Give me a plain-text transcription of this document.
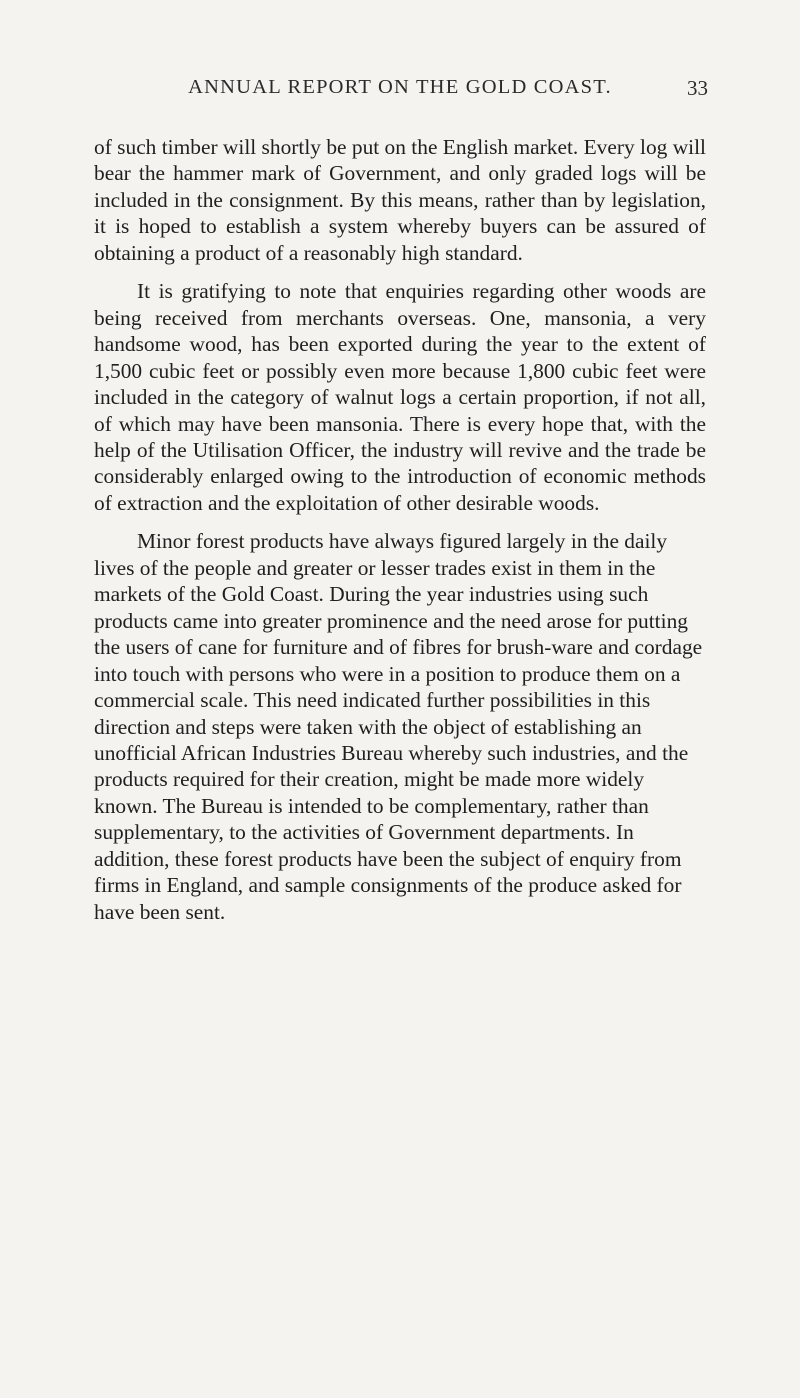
ANNUAL REPORT ON THE GOLD COAST.	33

of such timber will shortly be put on the English market. Every log will bear the hammer mark of Government, and only graded logs will be included in the consignment. By this means, rather than by legislation, it is hoped to establish a system whereby buyers can be assured of obtaining a product of a reasonably high standard.

It is gratifying to note that enquiries regarding other woods are being received from merchants overseas. One, mansonia, a very handsome wood, has been exported during the year to the extent of 1,500 cubic feet or possibly even more because 1,800 cubic feet were included in the category of walnut logs a certain proportion, if not all, of which may have been mansonia. There is every hope that, with the help of the Utilisation Officer, the industry will revive and the trade be considerably enlarged owing to the introduction of economic methods of extraction and the exploitation of other desirable woods.

Minor forest products have always figured largely in the daily lives of the people and greater or lesser trades exist in them in the markets of the Gold Coast. During the year industries using such products came into greater prominence and the need arose for putting the users of cane for furniture and of fibres for brush-ware and cordage into touch with persons who were in a position to produce them on a commercial scale. This need indicated further possibilities in this direction and steps were taken with the object of establishing an unofficial African Industries Bureau whereby such industries, and the products required for their creation, might be made more widely known. The Bureau is intended to be complementary, rather than supplementary, to the activities of Government departments. In addition, these forest products have been the subject of enquiry from firms in England, and sample consignments of the produce asked for have been sent.
